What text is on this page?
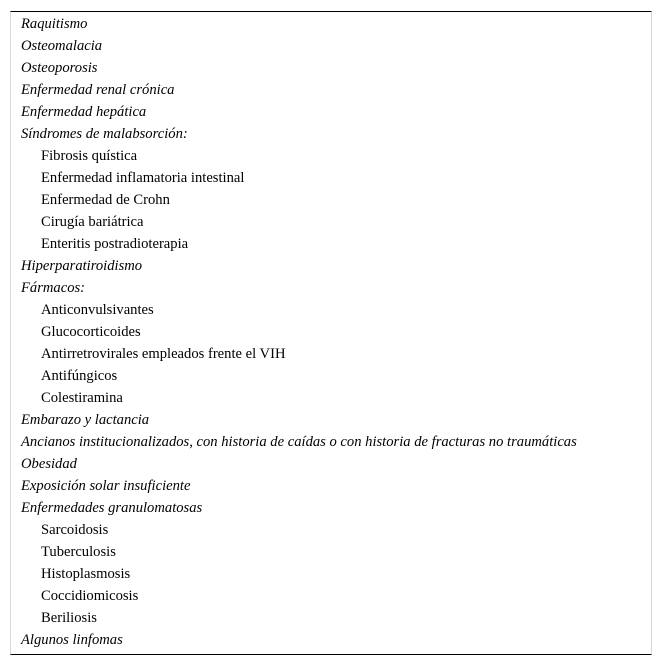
Raquitismo
Osteomalacia
Osteoporosis
Enfermedad renal crónica
Enfermedad hepática
Síndromes de malabsorción:
Fibrosis quística
Enfermedad inflamatoria intestinal
Enfermedad de Crohn
Cirugía bariátrica
Enteritis postradioterapia
Hiperparatiroidismo
Fármacos:
Anticonvulsivantes
Glucocorticoides
Antirretrovirales empleados frente el VIH
Antifúngicos
Colestiramina
Embarazo y lactancia
Ancianos institucionalizados, con historia de caídas o con historia de fracturas no traumáticas
Obesidad
Exposición solar insuficiente
Enfermedades granulomatosas
Sarcoidosis
Tuberculosis
Histoplasmosis
Coccidiomicosis
Beriliosis
Algunos linfomas
